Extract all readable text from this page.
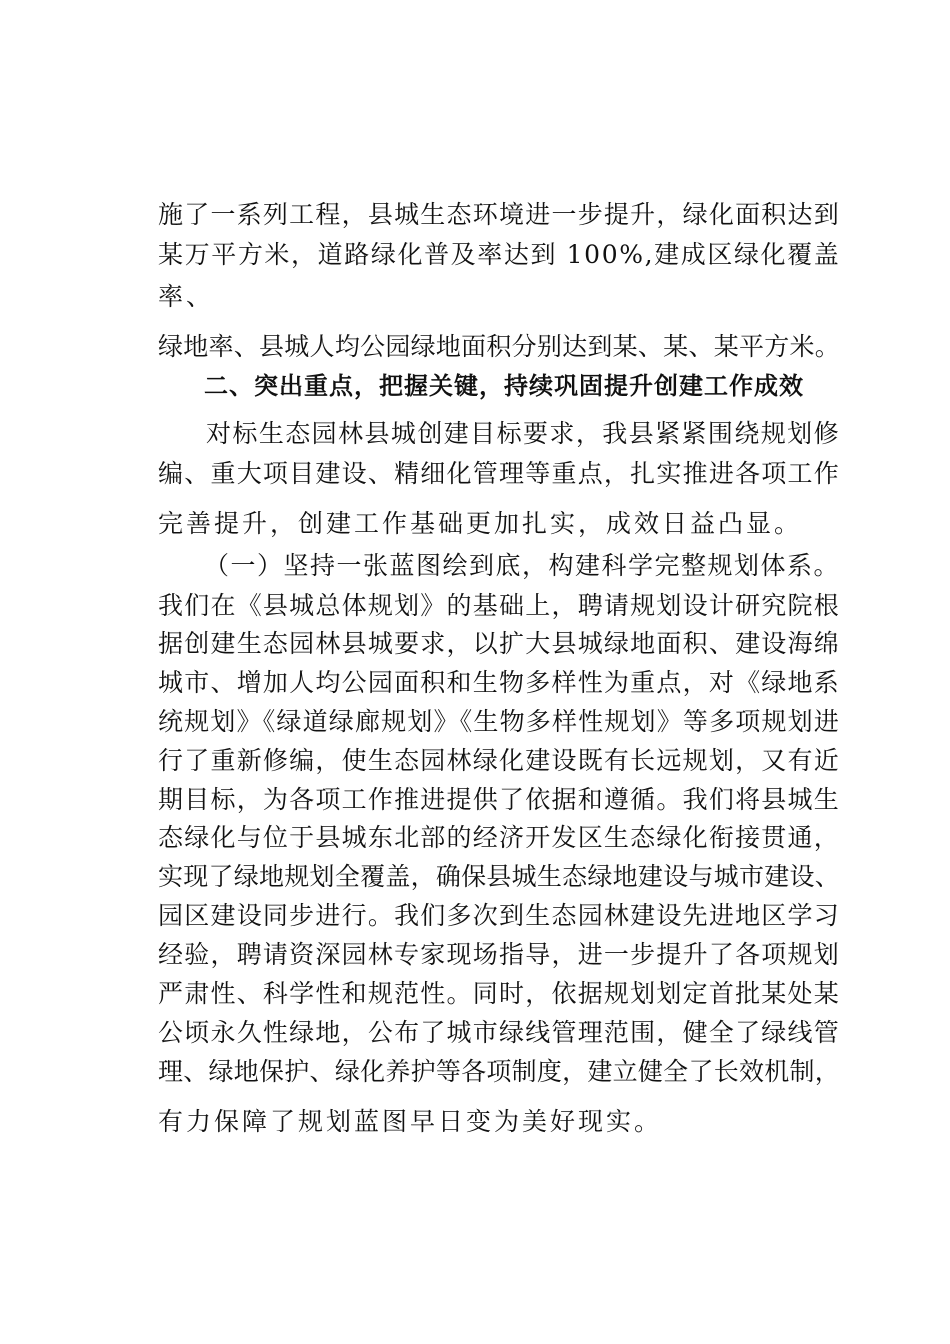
施了一系列工程，县城生态环境进一步提升，绿化面积达到
某万平方米，道路绿化普及率达到 100%,建成区绿化覆盖
率、
绿地率、县城人均公园绿地面积分别达到某、某、某平方米。
二、突出重点，把握关键，持续巩固提升创建工作成效
对标生态园林县城创建目标要求，我县紧紧围绕规划修
编、重大项目建设、精细化管理等重点，扎实推进各项工作
完善提升，创建工作基础更加扎实，成效日益凸显。
（一）坚持一张蓝图绘到底，构建科学完整规划体系。
我们在《县城总体规划》的基础上，聘请规划设计研究院根
据创建生态园林县城要求，以扩大县城绿地面积、建设海绵
城市、增加人均公园面积和生物多样性为重点，对《绿地系
统规划》《绿道绿廊规划》《生物多样性规划》等多项规划进
行了重新修编，使生态园林绿化建设既有长远规划，又有近
期目标，为各项工作推进提供了依据和遵循。我们将县城生
态绿化与位于县城东北部的经济开发区生态绿化衔接贯通，
实现了绿地规划全覆盖，确保县城生态绿地建设与城市建设、
园区建设同步进行。我们多次到生态园林建设先进地区学习
经验，聘请资深园林专家现场指导，进一步提升了各项规划
严肃性、科学性和规范性。同时，依据规划划定首批某处某
公顷永久性绿地，公布了城市绿线管理范围，健全了绿线管
理、绿地保护、绿化养护等各项制度，建立健全了长效机制，
有力保障了规划蓝图早日变为美好现实。
